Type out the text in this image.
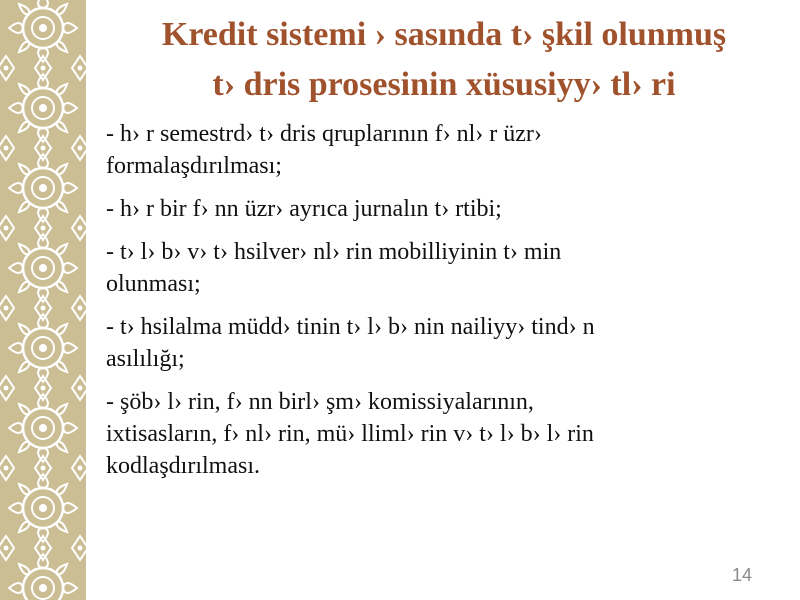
Kredit sistemi › sasında t› şkil olunmuş
t› dris prosesinin xüsusiyy› tl› ri
- h› r semestrd› t› dris qruplarının f› nl› r üzr›
formalaşdırılması;
- h› r bir f› nn üzr› ayrıca jurnalın t› rtibi;
- t› l› b› v› t› hsilver› nl› rin mobilliyinin t› min
olunması;
- t› hsilalma müdd› tinin t› l› b› nin nailiyy› tind› n
asılılığı;
- şöb› l› rin, f› nn birl› şm› komissiyalarının,
ixtisasların, f› nl› rin, mü› lliml› rin v› t› l› b› l› rin
kodlaşdırılması.
14
